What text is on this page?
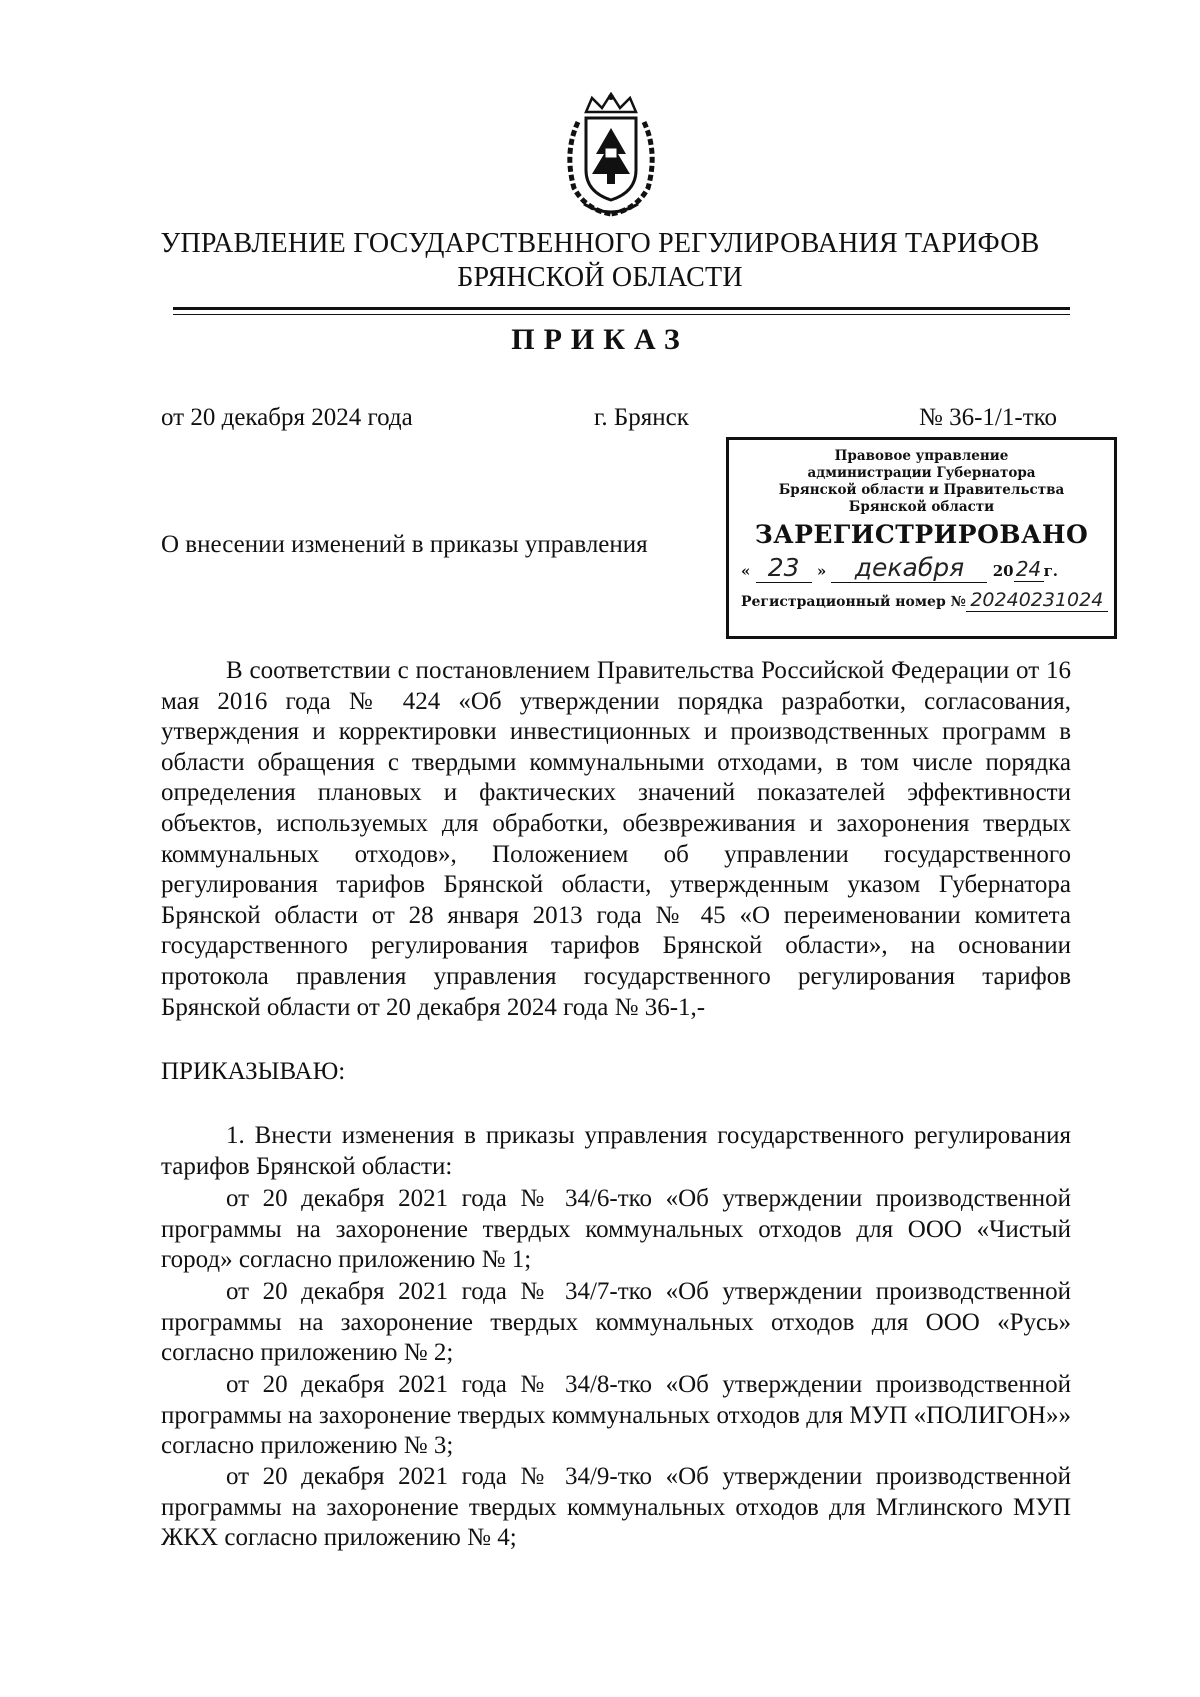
УПРАВЛЕНИЕ ГОСУДАРСТВЕННОГО РЕГУЛИРОВАНИЯ ТАРИФОВ
БРЯНСКОЙ ОБЛАСТИ
ПРИКАЗ
от 20 декабря 2024 года	г. Брянск	№ 36-1/1-тко
Правовое управление
администрации Губернатора
Брянской области и Правительства
Брянской области
ЗАРЕГИСТРИРОВАНО
« 23 » декабря 20 24 г.
Регистрационный номер № 20240231024
О внесении изменений в приказы управления
В соответствии с постановлением Правительства Российской Федерации от 16 мая 2016 года № 424 «Об утверждении порядка разработки, согласования, утверждения и корректировки инвестиционных и производственных программ в области обращения с твердыми коммунальными отходами, в том числе порядка определения плановых и фактических значений показателей эффективности объектов, используемых для обработки, обезвреживания и захоронения твердых коммунальных отходов», Положением об управлении государственного регулирования тарифов Брянской области, утвержденным указом Губернатора Брянской области от 28 января 2013 года № 45 «О переименовании комитета государственного регулирования тарифов Брянской области», на основании протокола правления управления государственного регулирования тарифов Брянской области от 20 декабря 2024 года № 36-1,-
ПРИКАЗЫВАЮ:
1. Внести изменения в приказы управления государственного регулирования тарифов Брянской области:
от 20 декабря 2021 года № 34/6-тко «Об утверждении производственной программы на захоронение твердых коммунальных отходов для ООО «Чистый город» согласно приложению № 1;
от 20 декабря 2021 года № 34/7-тко «Об утверждении производственной программы на захоронение твердых коммунальных отходов для ООО «Русь» согласно приложению № 2;
от 20 декабря 2021 года № 34/8-тко «Об утверждении производственной программы на захоронение твердых коммунальных отходов для МУП «ПОЛИГОН»» согласно приложению № 3;
от 20 декабря 2021 года № 34/9-тко «Об утверждении производственной программы на захоронение твердых коммунальных отходов для Мглинского МУП ЖКХ согласно приложению № 4;
